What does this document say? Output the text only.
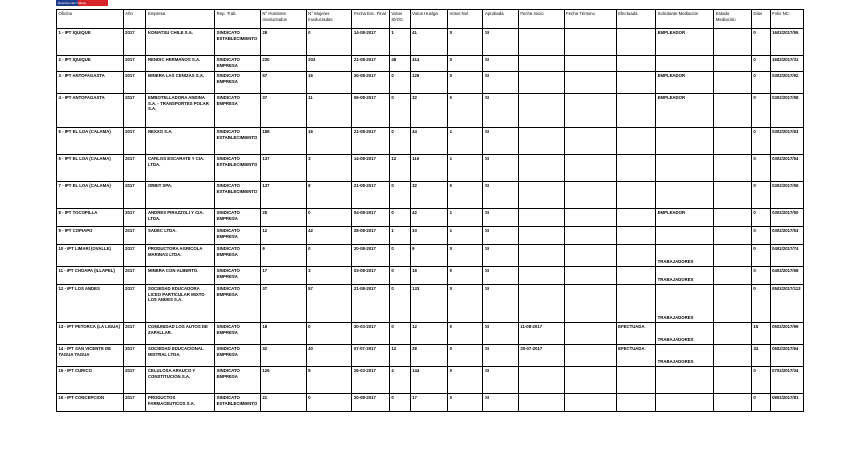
Dirección del Trabajo
Oficina	Año	Empresa	Rep. Trab.	N° Hombres Involucrados	N° Mujeres Involucradas	Fecha Esc. Final	Votos SÍ/OC	Votos Huelga	Votos Nul	Aprobada	Fecha Inicio	Fecha Término	Efectuada	Solicitante Mediación	Estado Mediación	Días	Folio NC
1 - IPT IQUIQUE	2017	KOMATSU CHILE S.A.	SINDICATO ESTABLECIMIENTO	28	0	14-08-2017	1	41	0	SI				EMPLEADOR		0	1602/2017/55
2 - IPT IQUIQUE	2017	RENDIC HERMANOS S.A.	SINDICATO EMPRESA	230	203	21-08-2017	48	414	0	SI						0	1602/2017/31
3 - IPT ANTOFAGASTA	2017	MINERA LAS CENIZAS S.A.	SINDICATO EMPRESA	57	16	30-08-2017	0	126	0	SI				EMPLEADOR		0	0302/2017/92
4 - IPT ANTOFAGASTA	2017	EMBOTELLADORA ANDINA S.A. - TRANSPORTES POLAR S.A.	SINDICATO EMPRESA	37	11	06-08-2017	0	32	0	SI				EMPLEADOR		0	0302/2017/58
5 - IPT EL LOA (CALAMA)	2017	NEXXO S.A.	SINDICATO ESTABLECIMIENTO	188	16	21-08-2017	0	44	1	SI						0	0302/2017/63
6 - IPT EL LOA (CALAMA)	2017	CARLOS ESCARATE Y CIA. LTDA.	SINDICATO ESTABLECIMIENTO	137	3	14-08-2017	12	116	1	SI						0	0302/2017/54
7 - IPT EL LOA (CALAMA)	2017	ORBIT SPA.	SINDICATO ESTABLECIMIENTO	137	8	21-08-2017	0	32	0	SI						0	0302/2017/59
8 - IPT TOCOPILLA	2017	ANDRES PIRAZZOLI Y CIA. LTDA.	SINDICATO EMPRESA	25	0	04-08-2017	0	42	1	SI				EMPLEADOR		0	0302/2017/50
9 - IPT COPIAPO	2017	SADEC LTDA.	SINDICATO EMPRESA	12	42	28-08-2017	1	33	1	SI						0	0302/2017/53
10 - IPT LIMARI (OVALLE)	2017	PRODUCTORA AGRICOLA MARINAS LTDA.	SINDICATO EMPRESA	9	0	20-08-2017	0	9	0	SI				TRABAJADORES		0	0402/2017/74
11 - IPT CHOAPA (ILLAPEL)	2017	MINERA CON ALBERTO.	SINDICATO EMPRESA	17	3	03-08-2017	0	18	0	SI				TRABAJADORES		0	0402/2017/68
12 - IPT LOS ANDES	2017	SOCIEDAD EDUCADORA LICEO PARTICULAR MIXTO LOS ANDES S.A.	SINDICATO EMPRESA	37	57	21-08-2017	0	133	0	SI				TRABAJADORES		0	0502/2017/113
13 - IPT PETORCA (LA LIGUA)	2017	COMUNIDAD LOS AUTOS DE ZAPALLAR.	SINDICATO EMPRESA	18	0	30-03-2017	0	12	0	SI	11-08-2017		EFECTUADA	TRABAJADORES		15	0502/2017/99
14 - IPT SAN VICENTE DE TAGUA TAGUA	2017	SOCIEDAD EDUCACIONAL MISTRAL LTDA.	SINDICATO EMPRESA	32	40	07-07-2017	12	28	0	SI	20-07-2017		EFECTUADA	TRABAJADORES		34	0602/2017/64
15 - IPT CURICO	2017	CELULOSA ARAUCO Y CONSTITUCION S.A.	SINDICATO EMPRESA	126	8	26-03-2017	4	144	0	SI						0	0702/2017/34
16 - IPT CONCEPCION	2017	PRODUCTOS FARMACEUTICOS S.A.	SINDICATO ESTABLECIMIENTO	21	0	20-08-2017	0	17	0	SI						0	0802/2017/81
